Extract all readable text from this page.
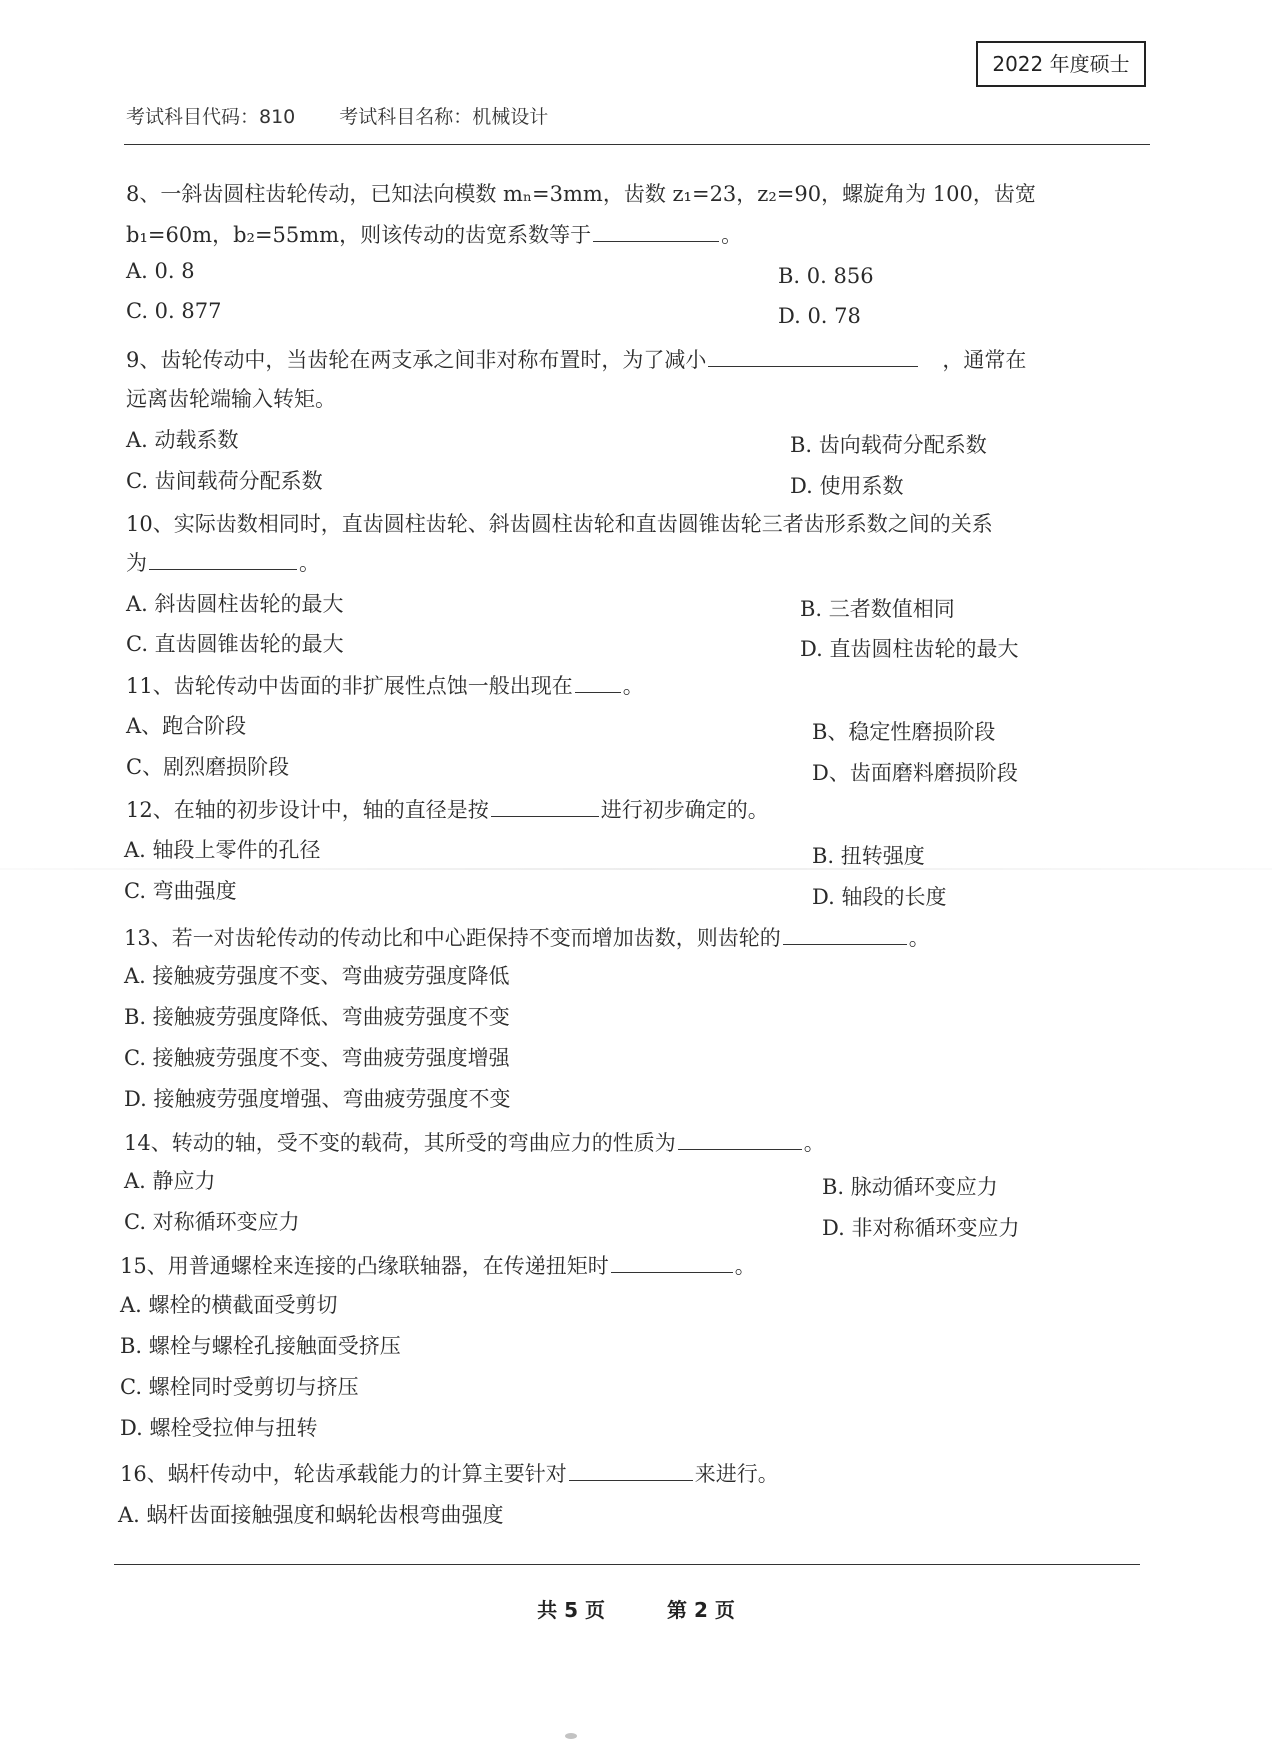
2022 年度硕士
考试科目代码：810 考试科目名称：机械设计
8、一斜齿圆柱齿轮传动，已知法向模数 mₙ=3mm，齿数 z₁=23，z₂=90，螺旋角为 100，齿宽
b₁=60m，b₂=55mm，则该传动的齿宽系数等于	。
A. 0. 8	B. 0. 856
C. 0. 877	D. 0. 78
9、齿轮传动中，当齿轮在两支承之间非对称布置时，为了减小	，通常在
远离齿轮端输入转矩。
A. 动载系数	B. 齿向载荷分配系数
C. 齿间载荷分配系数	D. 使用系数
10、实际齿数相同时，直齿圆柱齿轮、斜齿圆柱齿轮和直齿圆锥齿轮三者齿形系数之间的关系
为	。
A. 斜齿圆柱齿轮的最大	B. 三者数值相同
C. 直齿圆锥齿轮的最大	D. 直齿圆柱齿轮的最大
11、齿轮传动中齿面的非扩展性点蚀一般出现在 。
A、跑合阶段	B、稳定性磨损阶段
C、剧烈磨损阶段	D、齿面磨料磨损阶段
12、在轴的初步设计中，轴的直径是按	进行初步确定的。
A. 轴段上零件的孔径	B. 扭转强度
C. 弯曲强度	D. 轴段的长度
13、若一对齿轮传动的传动比和中心距保持不变而增加齿数，则齿轮的	。
A. 接触疲劳强度不变、弯曲疲劳强度降低
B. 接触疲劳强度降低、弯曲疲劳强度不变
C. 接触疲劳强度不变、弯曲疲劳强度增强
D. 接触疲劳强度增强、弯曲疲劳强度不变
14、转动的轴，受不变的载荷，其所受的弯曲应力的性质为	。
A. 静应力	B. 脉动循环变应力
C. 对称循环变应力	D. 非对称循环变应力
15、用普通螺栓来连接的凸缘联轴器，在传递扭矩时	。
A. 螺栓的横截面受剪切
B. 螺栓与螺栓孔接触面受挤压
C. 螺栓同时受剪切与挤压
D. 螺栓受拉伸与扭转
16、蜗杆传动中，轮齿承载能力的计算主要针对	来进行。
A. 蜗杆齿面接触强度和蜗轮齿根弯曲强度
共 5 页	第 2 页
